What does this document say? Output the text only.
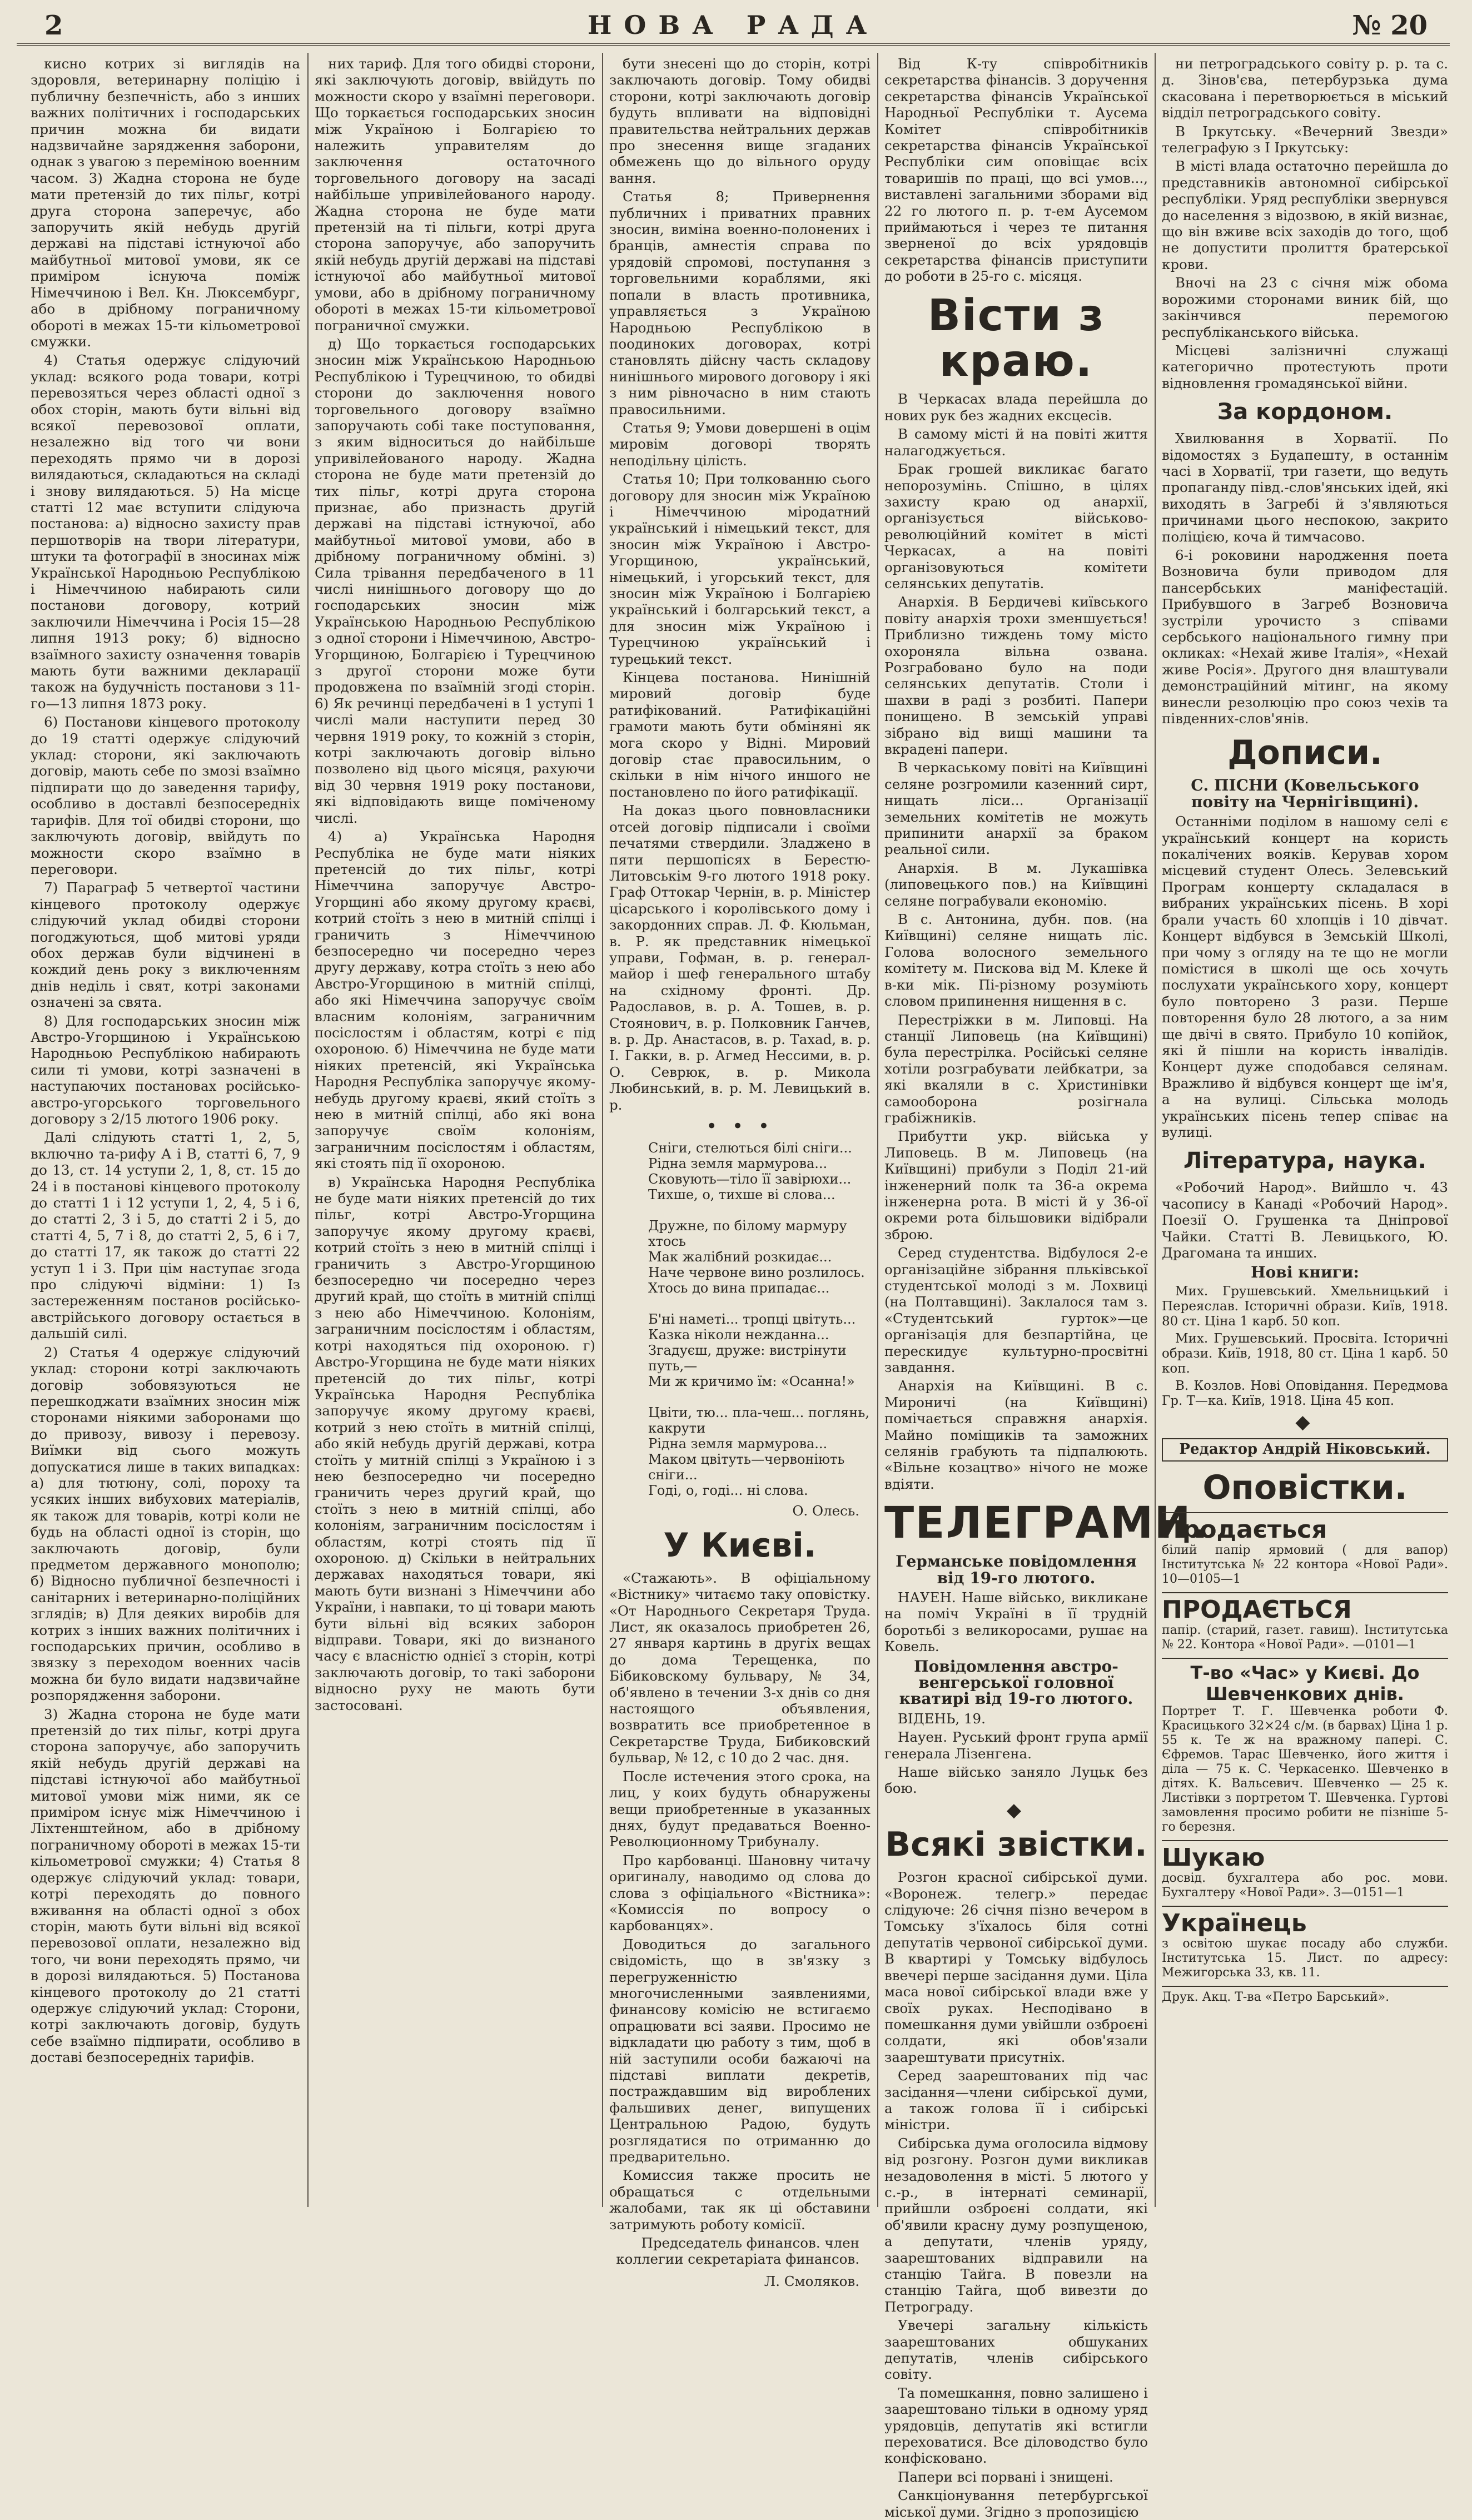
2	НОВА РАДА	№ 20

кисно котрих зі виглядів на здоровля, ветеринарну поліцію і публичну безпечність, або з инших важних політичних і господарських причин можна би видати надзвичайне зарядження заборони, однак з увагою з переміною военним часом. 3) Жадна сторона не буде мати претензій до тих пільг, котрі друга сторона заперечує, або запоручить якій небудь другій державі на підставі істнуючої або майбутньої митової умови, як се приміром існуюча поміж Німеччиною і Вел. Кн. Люксембург, або в дрібному пограничному обороті в межах 15-ти кільометрової смужки.

4) Статья одержує слідуючий уклад: всякого рода товари, котрі перевозяться через області одної з обох сторін, мають бути вільні від всякої перевозової оплати, незалежно від того чи вони переходять прямо чи в дорозі вилядаються, складаються на складі і знову вилядаються. 5) На місце статті 12 має вступити слідуюча постанова: а) відносно захисту прав першотворів на твори літератури, штуки та фотографії в зносинах між Української Народньою Республікою і Німеччиною набирають сили постанови договору, котрий заключили Німеччина і Росія 15—28 липня 1913 року; б) відносно взаїмного захисту означення товарів мають бути важними декларації також на будучність постанови з 11-го—13 липня 1873 року.

6) Постанови кінцевого протоколу до 19 статті одержує слідуючий уклад: сторони, які заключають договір, мають себе по змозі взаїмно підпирати що до заведення тарифу, особливо в доставлі безпосередніх тарифів. Для тої обидві сторони, що заключують договір, ввійдуть по можности скоро взаїмно в переговори.

7) Параграф 5 четвертої частини кінцевого протоколу одержує слідуючий уклад обидві сторони погоджуються, щоб митові уряди обох держав були відчинені в кождий день року з виключенням днів неділь і свят, котрі законами означені за свята.

8) Для господарських зносин між Австро-Угорщиною і Українською Народньою Республікою набирають сили ті умови, котрі зазначені в наступаючих постановах російсько-австро-угорського торговельного договору з 2/15 лютого 1906 року.

Далі слідують статті 1, 2, 5, включно та-рифу А і В, статті 6, 7, 9 до 13, ст. 14 уступи 2, 1, 8, ст. 15 до 24 і в постанові кінцевого протоколу до статті 1 і 12 уступи 1, 2, 4, 5 і 6, до статті 2, 3 і 5, до статті 2 і 5, до статті 4, 5, 7 і 8, до статті 2, 5, 6 і 7, до статті 17, як також до статті 22 уступ 1 і 3. При цім наступає згода про слідуючі відміни: 1) Із застереженням постанов російсько-австрійського договору остається в дальшій силі.

2) Статья 4 одержує слідуючий уклад: сторони котрі заключають договір зобовязуються не перешкоджати взаїмних зносин між сторонами ніякими заборонами що до привозу, вивозу і перевозу. Виїмки від сього можуть допускатися лише в таких випадках: а) для тютюну, солі, пороху та усяких інших вибухових матеріалів, як також для товарів, котрі коли не будь на області одної із сторін, що заключають договір, були предметом державного монополю; б) Відносно публичної безпечності і санітарних і ветеринарно-поліційних зглядів; в) Для деяких виробів для котрих з інших важних політичних і господарських причин, особливо в звязку з переходом военних часів можна би було видати надзвичайне розпорядження заборони.

3) Жадна сторона не буде мати претензій до тих пільг, котрі друга сторона запоручує, або запоручить якій небудь другій державі на підставі істнуючої або майбутньої митової умови між ними, як се приміром існує між Німеччиною і Ліхтенштейном, або в дрібному пограничному обороті в межах 15-ти кільометрової смужки; 4) Статья 8 одержує слідуючий уклад: товари, котрі переходять до повного вживання на області одної з обох сторін, мають бути вільні від всякої перевозової оплати, незалежно від того, чи вони переходять прямо, чи в дорозі вилядаються. 5) Постанова кінцевого протоколу до 21 статті одержує слідуючий уклад: Сторони, котрі заключають договір, будуть себе взаїмно підпирати, особливо в доставі безпосередніх тарифів.

них тариф. Для того обидві сторони, які заключують договір, ввійдуть по можности скоро у взаїмні переговори. Що торкається господарських зносин між Україною і Болгарією то належить управителям до заключення остаточного торговельного договору на засаді найбільше упривілейованого народу. Жадна сторона не буде мати претензій на ті пільги, котрі друга сторона запоручує, або запоручить якій небудь другій державі на підставі істнуючої або майбутньої митової умови, або в дрібному пограничному обороті в межах 15-ти кільометрової пограничної смужки.

д) Що торкається господарських зносин між Українською Народньою Республікою і Турецчиною, то обидві сторони до заключення нового торговельного договору взаїмно запоручають собі таке поступовання, з яким відноситься до найбільше упривілейованого народу. Жадна сторона не буде мати претензій до тих пільг, котрі друга сторона признає, або признасть другій державі на підставі істнуючої, або майбутньої митової умови, або в дрібному пограничному обміні. з) Сила трівання передбаченого в 11 числі нинішнього договору що до господарських зносин між Українською Народньою Республікою з одної сторони і Німеччиною, Австро-Угорщиною, Болгарією і Турецчиною з другої сторони може бути продовжена по взаїмній згоді сторін. 6) Як речинці передбачені в 1 уступі 1 числі мали наступити перед 30 червня 1919 року, то кожній з сторін, котрі заключають договір вільно позволено від цього місяця, рахуючи від 30 червня 1919 року постанови, які відповідають вище поміченому числі.

4) а) Українська Народня Республіка не буде мати ніяких претенсій до тих пільг, котрі Німеччина запоручує Австро-Угорщині або якому другому краєві, котрий стоїть з нею в митній спілці і граничить з Німеччиною безпосередно чи посередно через другу державу, котра стоїть з нею або Австро-Угорщиною в митній спілці, або які Німеччина запоручує своїм власним колоніям, заграничним посіслостям і областям, котрі є під охороною. б) Німеччина не буде мати ніяких претенсій, які Українська Народня Республіка запоручує якому-небудь другому краєві, який стоїть з нею в митній спілці, або які вона запоручує своїм колоніям, заграничним посіслостям і областям, які стоять під її охороною.

в) Українська Народня Республіка не буде мати ніяких претенсій до тих пільг, котрі Австро-Угорщина запоручує якому другому краєві, котрий стоїть з нею в митній спілці і граничить з Австро-Угорщиною безпосередно чи посередно через другий край, що стоїть в митній спілці з нею або Німеччиною. Колоніям, заграничним посіслостям і областям, котрі находяться під охороною. г) Австро-Угорщина не буде мати ніяких претенсій до тих пільг, котрі Українська Народня Республіка запоручує якому другому краєві, котрий з нею стоїть в митній спілці, або якій небудь другій державі, котра стоїть у митній спілці з Україною і з нею безпосередно чи посередно граничить через другий край, що стоїть з нею в митній спілці, або колоніям, заграничним посіслостям і областям, котрі стоять під її охороною. д) Скільки в нейтральних державах находяться товари, які мають бути визнані з Німеччини або України, і навпаки, то ці товари мають бути вільні від всяких заборон відправи. Товари, які до визнаного часу є власністю однієї з сторін, котрі заключають договір, то такі заборони відносно руху не мають бути застосовані.

бути знесені що до сторін, котрі заключають договір. Тому обидві сторони, котрі заключають договір будуть впливати на відповідні правительства нейтральних держав про знесення вище згаданих обмежень що до вільного оруду вання.

Статья 8; Привернення публичних і приватних правних зносин, виміна военно-полонених і бранців, амнестія справа по урядовій спромові, поступання з торговельними кораблями, які попали в власть противника, управляється з Україною Народньою Республікою в поодиноких договорах, котрі становлять дійсну часть складову нинішнього мирового договору і які з ним рівночасно в ним стають прaвосильними.

Статья 9; Умови довершені в оцім мировім договорі творять неподільну цілість.

Статья 10; При толкованню сього договору для зносин між Україною і Німеччиною міродатний український і німецький текст, для зносин між Україною і Австро-Угорщиною, український, німецький, і угорський текст, для зносин між Україною і Болгарією український і болгарський текст, а для зносин між Україною і Турецчиною український і турецький текст.

Кінцева постанова. Нинішній мировий договір буде ратифікований. Ратифікаційні грамоти мають бути обміняні як мога скоро у Відні. Мировий договір стає правосильним, о скільки в нім нічого иншого не постановлено по його ратифікації.

На доказ цього повновласники отсей договір підписали і своїми печатями ствердили. Зладжено в пяти першопісях в Берестю-Литовськім 9-го лютого 1918 року. Граф Оттокар Чернін, в. р. Міністер цісарського і королівського дому і закордонних справ. Л. Ф. Кюльман, в. Р. як представник німецької управи, Гофман, в. р. генерал-майор і шеф генерального штабу на східному фронті. Др. Радославов, в. р. А. Тошев, в. р. Стоянович, в. р. Полковник Ганчев, в. р. Др. Анастасов, в. р. Тахаd, в. р. І. Гакки, в. р. Агмед Нессими, в. р. О. Севрюк, в. р. Микола Любинський, в. р. М. Левицький в. р.

• • •
Сніги, стелються білі сніги...
Рідна земля мармурова...
Сковують—тіло її завірюхи...
Тихше, о, тихше ві слова...

Дружне, по білому мармуру хтось
Мак жалібний розкидає...
Наче червоне вино розлилось.
Хтось до вина припадає...

Б'ні наметі... тропці цвітуть...
Казка ніколи нежданна...
Згадуєш, друже: вистрінути
путь,—
Ми ж кричимо їм: «Осанна!»

Цвіти, тю... пла-чеш... поглянь,
какрути
Рідна земля мармурова...
Маком цвітуть—червоніють сніги...
Годі, о, годі... ні слова.
О. Олесь.
У Києві.

«Стажають». В офіціальному «Вістнику» читаємо таку оповістку. «От Народнього Секретаря Труда. Лист, як оказалось приобретен 26, 27 января картинь в другіх вещах до дома Терещенка, по Бібиковскому бульвару, № 34, об'явлено в течении 3-х днів со дня настоящого объявления, возвратить все приобретенное в Секретарстве Труда, Бибиковский бульвар, № 12, с 10 до 2 час. дня.

После истечения этого срока, на лиц, у коих будуть обнаружены вещи приобретенные в указанных днях, будут предаваться Военно-Революционному Трибуналу.

Про карбованці. Шановну читачу оригиналу, наводимо од слова до слова з офіціального «Вістника»: «Комиссія по вопросу о карбованцях».

Доводиться до загального свідомість, що в зв'язку з перегруженністю многочисленными заявлениями, финансову комісію не встигаємо опрацювати всі заяви. Просимо не відкладати цю работу з тим, щоб в ній заступили особи бажаючі на підставі виплати декретів, постраждавшим від вироблених фальшивих денег, випущених Центральною Радою, будуть розглядатися по отриманню до предварительно.

Комиссия также просить не обращаться с отдельными жалобами, так як ці обставини затримують роботу комісії.

Председатель финансов. член коллегии секретарiата финансов.
Л. Смоляков.

Від К-ту співробітників секретарства фінансів. З доручення секретарства фінансів Української Народньої Республіки т. Аусема Комітет співробітників секретарства фінансів Української Республіки сим оповіщає всіх товаришів по праці, що всі умов..., виставлені загальними зборами від 22 го лютого п. р. т-ем Аусемом приймаються і через те питання зверненої до всіх урядовців секретарства фінансів приступити до роботи в 25-го с. місяця.

Вісти з краю.

В Черкасах влада перейшла до нових рук без жадних ексцесів.

В самому місті й на повіті життя налагоджується.

Брак грошей викликає багато непорозумінь. Спішно, в цілях захисту краю од анархії, організується військово-революційний комітет в місті Черкасах, а на повіті організовуються комітети селянських депутатів.

Анархія. В Бердичеві київського повіту анархія трохи зменшується! Приблизно тиждень тому місто охороняла вільна озвана. Розграбовано було на поди селянських депутатів. Столи і шахви в раді з розбиті. Папери понищено. В земській управі зібрано від вищі машини та вкрадені папери.

В черкаському повіті на Київщині селяне розгромили казенний сирт, нищать ліси... Організації земельних комітетів не можуть припинити анархії за браком реальної сили.

Анархія. В м. Лукашівка (липовецького пов.) на Київщині селяне пограбували економію.

В с. Антонина, дубн. пов. (на Київщині) селяне нищать ліс. Голова волосного земельного комітету м. Пискова від М. Клеке й в-ки мік. Пі-різному розуміють словом припинення нищення в с.

Перестріжки в м. Липовці. На станції Липовець (на Київщині) була перестрілка. Російські селяне хотіли розграбувати лейбкатри, за які вкаляли в с. Христинівки самооборона розігнала грабіжників.

Прибутти укр. війська у Липовець. В м. Липовець (на Київщині) прибули з Поділ 21-ий інженерний полк та 36-а окрема інженерна рота. В місті й у 36-ої окреми рота більшовики відібрали зброю.

Серед студентства. Відбулося 2-е організаційне зібрання пльківської студентської молоді з м. Лохвиці (на Полтавщині). Заклалося там з. «Студентський гурток»—це організація для безпартійна, це перескидує культурно-просвітні завдання.

Анархія на Київщині. В с. Мироничі (на Київщині) помічається справжня анархія. Майно поміщиків та заможних селянів грабують та підпалюють. «Вільне козацтво» нічого не може вдіяти.

ТЕЛЕГРАМИ.
Германське повідомлення від 19-го лютого.

НАУЕН. Наше військо, викликане на поміч Україні в її трудній боротьбі з великоросами, рушає на Ковель.

Повідомлення австро-венгерської головної кватирі від 19-го лютого.

ВІДЕНЬ, 19.

Науен. Руський фронт група армії генерала Лізенгена.

Наше військо заняло Луцьк без бою.

◆
Всякі звістки.

Розгон красної сибірської думи. «Воронеж. телегр.» передає слідуюче: 26 січня пізно вечером в Томську з'їхалось біля сотні депутатів червоної сибірської думи. В квартирі у Томську відбулось ввечері перше засідання думи. Ціла маса нової сибірської влади вже у своїх руках. Несподівано в помешкання думи увійшли озброєні солдати, які обов'язали заарештувати присутніх.

Серед заарештованих під час засідання—члени сибірської думи, а також голова її і сибірські міністри.

Сибірська дума оголосила відмову від розгону. Розгон думи викликав незадоволення в місті. 5 лютого у с.-р., в інтернаті семинарії, прийшли озброєні солдати, які об'явили красну думу розпущеною, а депутати, членів уряду, заарештованих відправили на станцію Тайга. В повезли на станцію Тайга, щоб вивезти до Петрограду.

Увечері загальну кількість заарештованих обшуканих депутатів, членів сибірського совіту.

Та помешкання, повно залишено і заарештовано тільки в одному уряд урядовців, депутатів які встигли переховатися. Все діловодство було конфісковано.

Папери всі порвані і знищені.

Санкціонування петербургської міської думи. Згідно з пропозицією

ни петроградського совіту р. р. та с. д. Зінов'єва, петербурзька дума скасована і перетворюється в міський відділ петроградського совіту.

В Іркутську. «Вечерний Звезди» телеграфую з І Іркутську:

В місті влада остаточно перейшла до представників автономної сибірської республіки. Уряд республіки звернувся до населення з відозвою, в якій визнає, що він вживе всіх заходів до того, щоб не допустити пролиття братерської крови.

Вночі на 23 с січня між обома ворожими сторонами виник бій, що закінчився перемогою республіканського війська.

Місцеві залізничні служащі категорично протестують проти відновлення громадянської війни.

За кордоном.

Хвилювання в Хорватії. По відомостях з Будапешту, в останнім часі в Хорватії, три газети, що ведуть пропаганду півд.-слов'янських ідей, які виходять в Загребі й з'являються причинами цього неспокою, закрито поліцією, коча й тимчасово.

6-і роковини народження поета Возновича були приводом для пансербських маніфестацій. Прибувшого в Загреб Возновича зустріли урочисто з співами сербського національного гимну при окликах: «Нехай живе Італія», «Нехай живе Росія». Другого дня влаштували демонстраційний мітинг, на якому винесли резолюцію про союз чехів та південних-слов'янів.

Дописи.
С. ПІСНИ (Ковельського повіту на Чернігівщині).

Останніми поділом в нашому селі є український концерт на користь покалічених вояків. Керував хором місцевий студент Олесь. Зелевський Програм концерту складалася в вибраних українських пісень. В хорі брали участь 60 хлопців і 10 дівчат. Концерт відбувся в Земській Школі, при чому з огляду на те що не могли помістися в школі ще ось хочуть послухати українського хору, концерт було повторено 3 рази. Перше повторення було 28 лютого, а за ним ще двічі в свято. Прибуло 10 копійок, які й пішли на користь інвалідів. Концерт дуже сподобався селянам. Вражливо й відбувся концерт ще ім'я, а на вулиці. Сільська молодь українських пісень тепер співає на вулиці.

Література, наука.

«Робочий Народ». Вийшло ч. 43 часопису в Канаді «Робочий Народ». Поезії О. Грушенка та Дніпрової Чайки. Статті В. Левицького, Ю. Драгомана та инших.

Нові книги:

Мих. Грушевський. Хмельницький і Переяслав. Історичні образи. Київ, 1918. 80 ст. Ціна 1 карб. 50 коп.

Мих. Грушевський. Просвіта. Історичні образи. Київ, 1918, 80 ст. Ціна 1 карб. 50 коп.

В. Козлов. Нові Оповідання. Передмова Гр. Т—ка. Київ, 1918. Ціна 45 коп.

◆
Редактор Андрій Ніковський.
Оповістки.
Продається
білий папір ярмовий ( для вапор) Інститутська № 22 контора «Нової Ради». 10—0105—1
ПРОДАЄТЬСЯ
папір. (старий, газет. гавиш). Інститутська № 22. Контора «Нової Ради». —0101—1
Т-во «Час» у Києві. До Шевченкових днів.
Портрет Т. Г. Шевченка роботи Ф. Красицького 32×24 с/м. (в барвах) Ціна 1 р. 55 к. Те ж на вражному папері. С. Єфремов. Тарас Шевченко, його життя і діла — 75 к. С. Черкасенко. Шевченко в дітях. К. Вальсевич. Шевченко — 25 к. Листівки з портретом Т. Шевченка. Гуртові замовлення просимо робити не пізніше 5-го березня.
Шукаю
досвід. бухгалтера або рос. мови. Бухгалтеру «Нової Ради». 3—0151—1
Українець
з освітою шукає посаду або служби. Інститутська 15. Лист. по адресу: Межигорська 33, кв. 11.
Друк. Акц. Т-ва «Петро Барський».
